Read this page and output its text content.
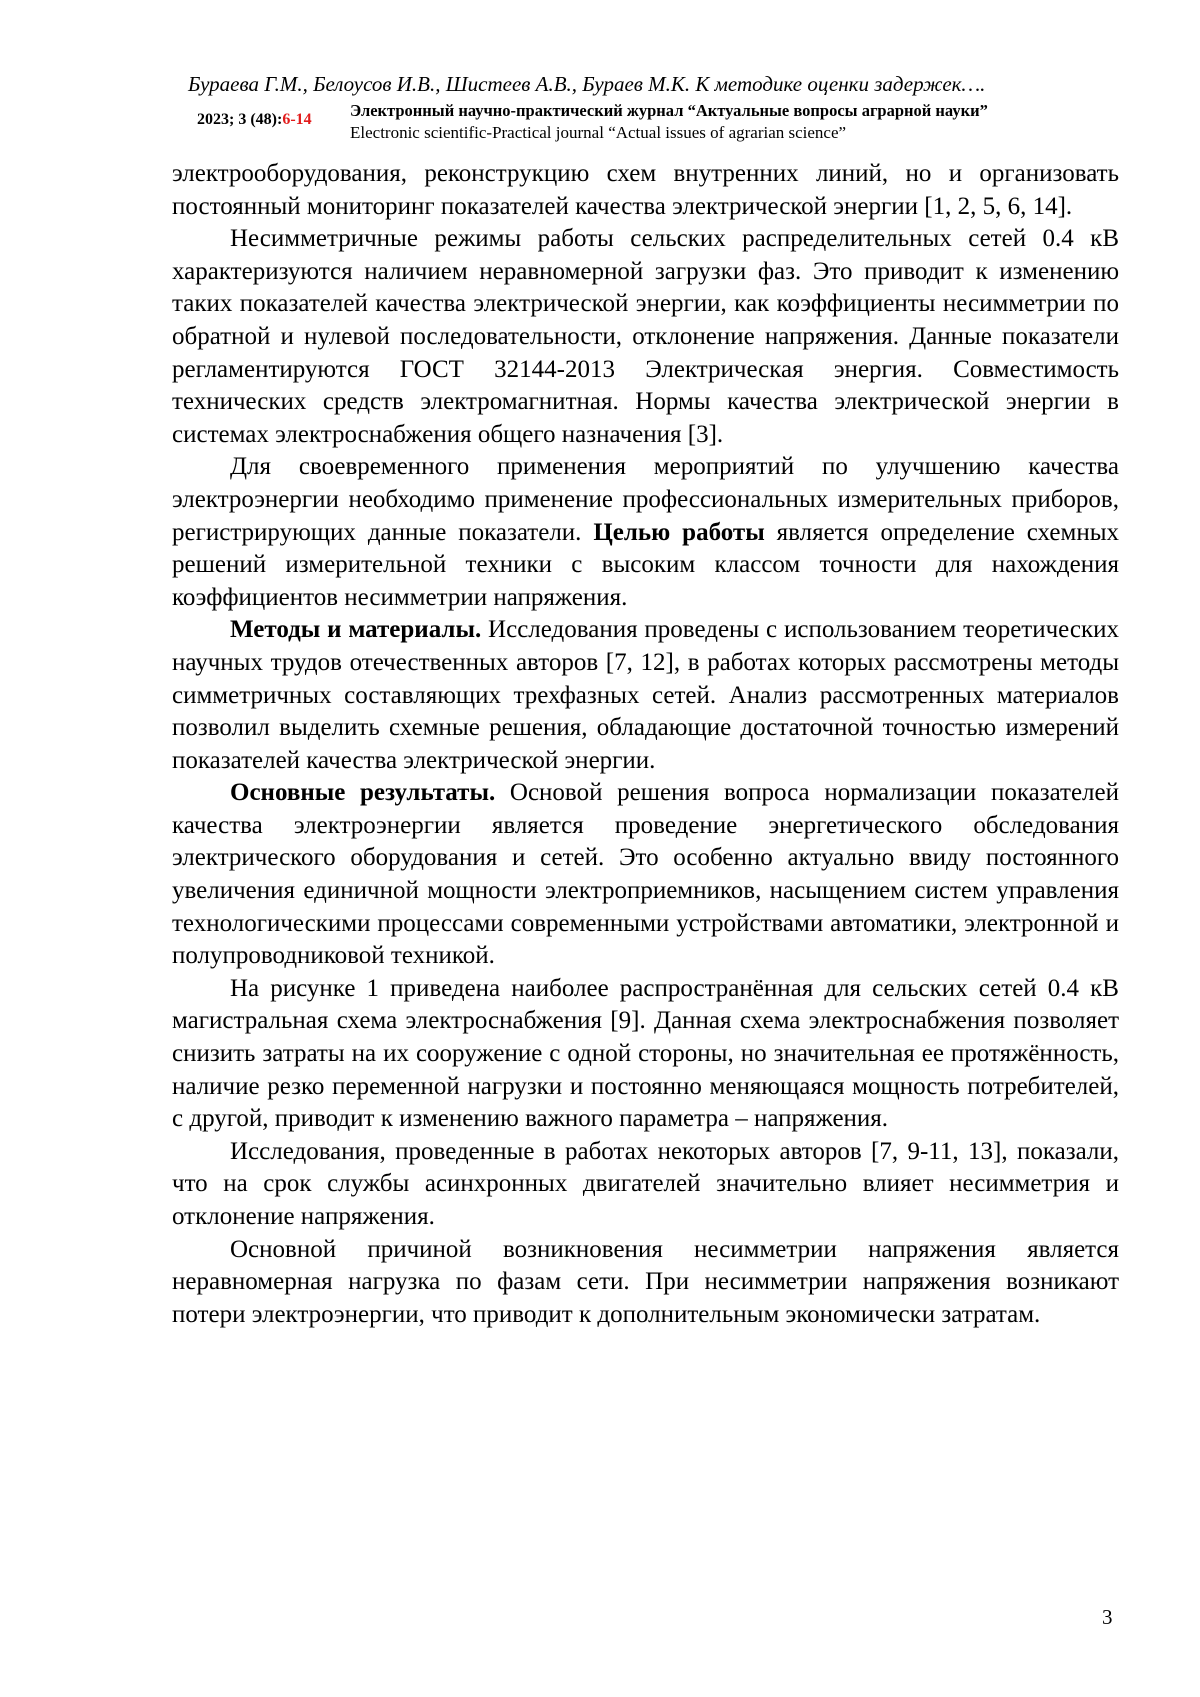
Бураева Г.М., Белоусов И.В., Шистеев А.В., Бураев М.К. К методике оценки задержек….
2023; 3 (48):6-14 Электронный научно-практический журнал “Актуальные вопросы аграрной науки”
Electronic scientific-Practical journal “Actual issues of agrarian science”

электрооборудования, реконструкцию схем внутренних линий, но и организовать постоянный мониторинг показателей качества электрической энергии [1, 2, 5, 6, 14].

Несимметричные режимы работы сельских распределительных сетей 0.4 кВ характеризуются наличием неравномерной загрузки фаз. Это приводит к изменению таких показателей качества электрической энергии, как коэффициенты несимметрии по обратной и нулевой последовательности, отклонение напряжения. Данные показатели регламентируются ГОСТ 32144-2013 Электрическая энергия. Совместимость технических средств электромагнитная. Нормы качества электрической энергии в системах электроснабжения общего назначения [3].

Для своевременного применения мероприятий по улучшению качества электроэнергии необходимо применение профессиональных измерительных приборов, регистрирующих данные показатели. Целью работы является определение схемных решений измерительной техники с высоким классом точности для нахождения коэффициентов несимметрии напряжения.

Методы и материалы. Исследования проведены с использованием теоретических научных трудов отечественных авторов [7, 12], в работах которых рассмотрены методы симметричных составляющих трехфазных сетей. Анализ рассмотренных материалов позволил выделить схемные решения, обладающие достаточной точностью измерений показателей качества электрической энергии.

Основные результаты. Основой решения вопроса нормализации показателей качества электроэнергии является проведение энергетического обследования электрического оборудования и сетей. Это особенно актуально ввиду постоянного увеличения единичной мощности электроприемников, насыщением систем управления технологическими процессами современными устройствами автоматики, электронной и полупроводниковой техникой.

На рисунке 1 приведена наиболее распространённая для сельских сетей 0.4 кВ магистральная схема электроснабжения [9]. Данная схема электроснабжения позволяет снизить затраты на их сооружение с одной стороны, но значительная ее протяжённость, наличие резко переменной нагрузки и постоянно меняющаяся мощность потребителей, с другой, приводит к изменению важного параметра – напряжения.

Исследования, проведенные в работах некоторых авторов [7, 9-11, 13], показали, что на срок службы асинхронных двигателей значительно влияет несимметрия и отклонение напряжения.

Основной причиной возникновения несимметрии напряжения является неравномерная нагрузка по фазам сети. При несимметрии напряжения возникают потери электроэнергии, что приводит к дополнительным экономически затратам.

3
